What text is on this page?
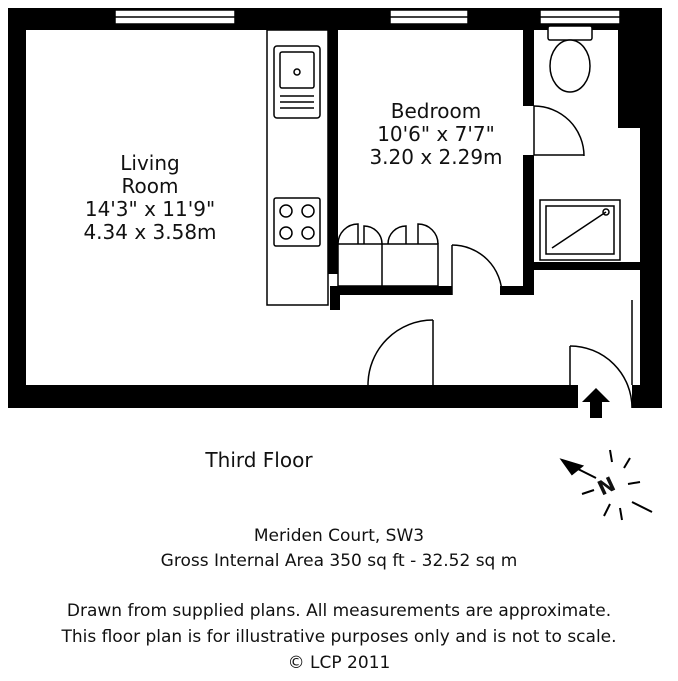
Living
Room
14'3" x 11'9"
4.34 x 3.58m
Bedroom
10'6" x 7'7"
3.20 x 2.29m
N
Third Floor
Meriden Court, SW3
Gross Internal Area 350 sq ft - 32.52 sq m
Drawn from supplied plans. All measurements are approximate.
This floor plan is for illustrative purposes only and is not to scale.
© LCP 2011
